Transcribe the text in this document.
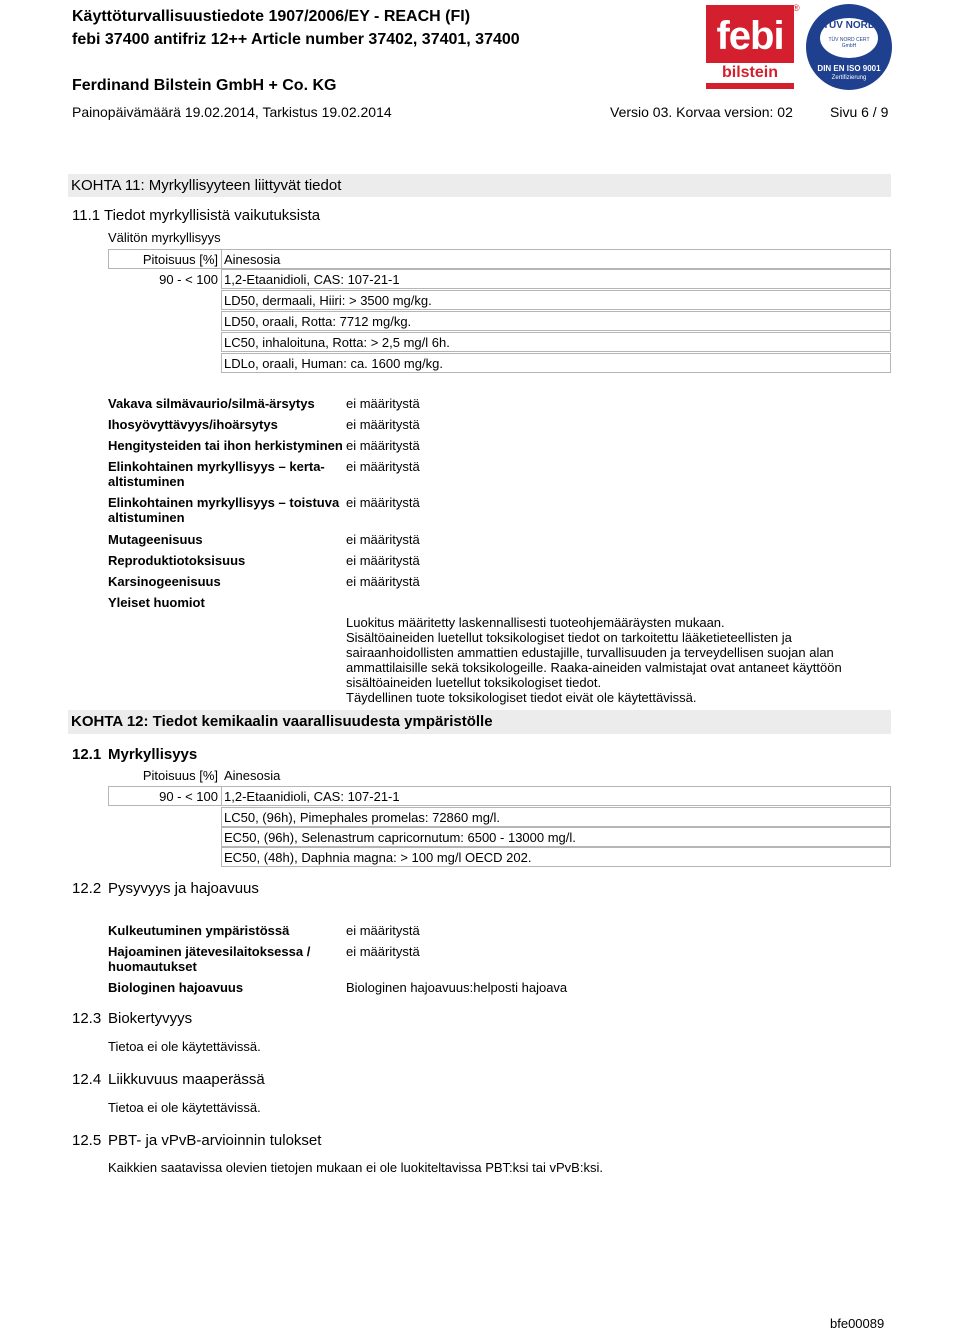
Käyttöturvallisuustiedote 1907/2006/EY - REACH (FI)
febi 37400 antifriz 12++ Article number 37402, 37401, 37400
Ferdinand Bilstein GmbH + Co. KG
Painopäivämäärä 19.02.2014, Tarkistus 19.02.2014	Versio 03. Korvaa version: 02	Sivu 6 / 9
febi
bilstein
®
TÜV NORD
TÜV NORD CERT GmbH
DIN EN ISO 9001
Zertifizierung
KOHTA 11: Myrkyllisyyteen liittyvät tiedot
11.1 Tiedot myrkyllisistä vaikutuksista
Välitön myrkyllisyys
Pitoisuus [%] Ainesosia
90 - < 100 1,2-Etaanidioli, CAS: 107-21-1
LD50, dermaali, Hiiri: > 3500 mg/kg.
LD50, oraali, Rotta: 7712 mg/kg.
LC50, inhaloituna, Rotta: > 2,5 mg/l 6h.
LDLo, oraali, Human: ca. 1600 mg/kg.
Vakava silmävaurio/silmä-ärsytys ei määritystä
Ihosyövyttävyys/ihoärsytys	ei määritystä
Hengitysteiden tai ihon herkistyminen ei määritystä
Elinkohtainen myrkyllisyys – kerta-altistuminen
ei määritystä
Elinkohtainen myrkyllisyys – toistuva altistuminen
ei määritystä
Mutageenisuus	ei määritystä
Reproduktiotoksisuus	ei määritystä
Karsinogeenisuus	ei määritystä
Yleiset huomiot
Luokitus määritetty laskennallisesti tuoteohjemääräysten mukaan.
Sisältöaineiden luetellut toksikologiset tiedot on tarkoitettu lääketieteellisten ja
sairaanhoidollisten ammattien edustajille, turvallisuuden ja terveydellisen suojan alan
ammattilaisille sekä toksikologeille. Raaka-aineiden valmistajat ovat antaneet käyttöön
sisältöaineiden luetellut toksikologiset tiedot.
Täydellinen tuote toksikologiset tiedot eivät ole käytettävissä.
KOHTA 12: Tiedot kemikaalin vaarallisuudesta ympäristölle
12.1 Myrkyllisyys
Pitoisuus [%] Ainesosia
90 - < 100 1,2-Etaanidioli, CAS: 107-21-1
LC50, (96h), Pimephales promelas: 72860 mg/l.
EC50, (96h), Selenastrum capricornutum: 6500 - 13000 mg/l.
EC50, (48h), Daphnia magna: > 100 mg/l OECD 202.
12.2 Pysyvyys ja hajoavuus
Kulkeutuminen ympäristössä	ei määritystä
Hajoaminen jätevesilaitoksessa / huomautukset
ei määritystä
Biologinen hajoavuus	Biologinen hajoavuus:helposti hajoava
12.3 Biokertyvyys
Tietoa ei ole käytettävissä.
12.4 Liikkuvuus maaperässä
Tietoa ei ole käytettävissä.
12.5 PBT- ja vPvB-arvioinnin tulokset
Kaikkien saatavissa olevien tietojen mukaan ei ole luokiteltavissa PBT:ksi tai vPvB:ksi.
bfe00089
